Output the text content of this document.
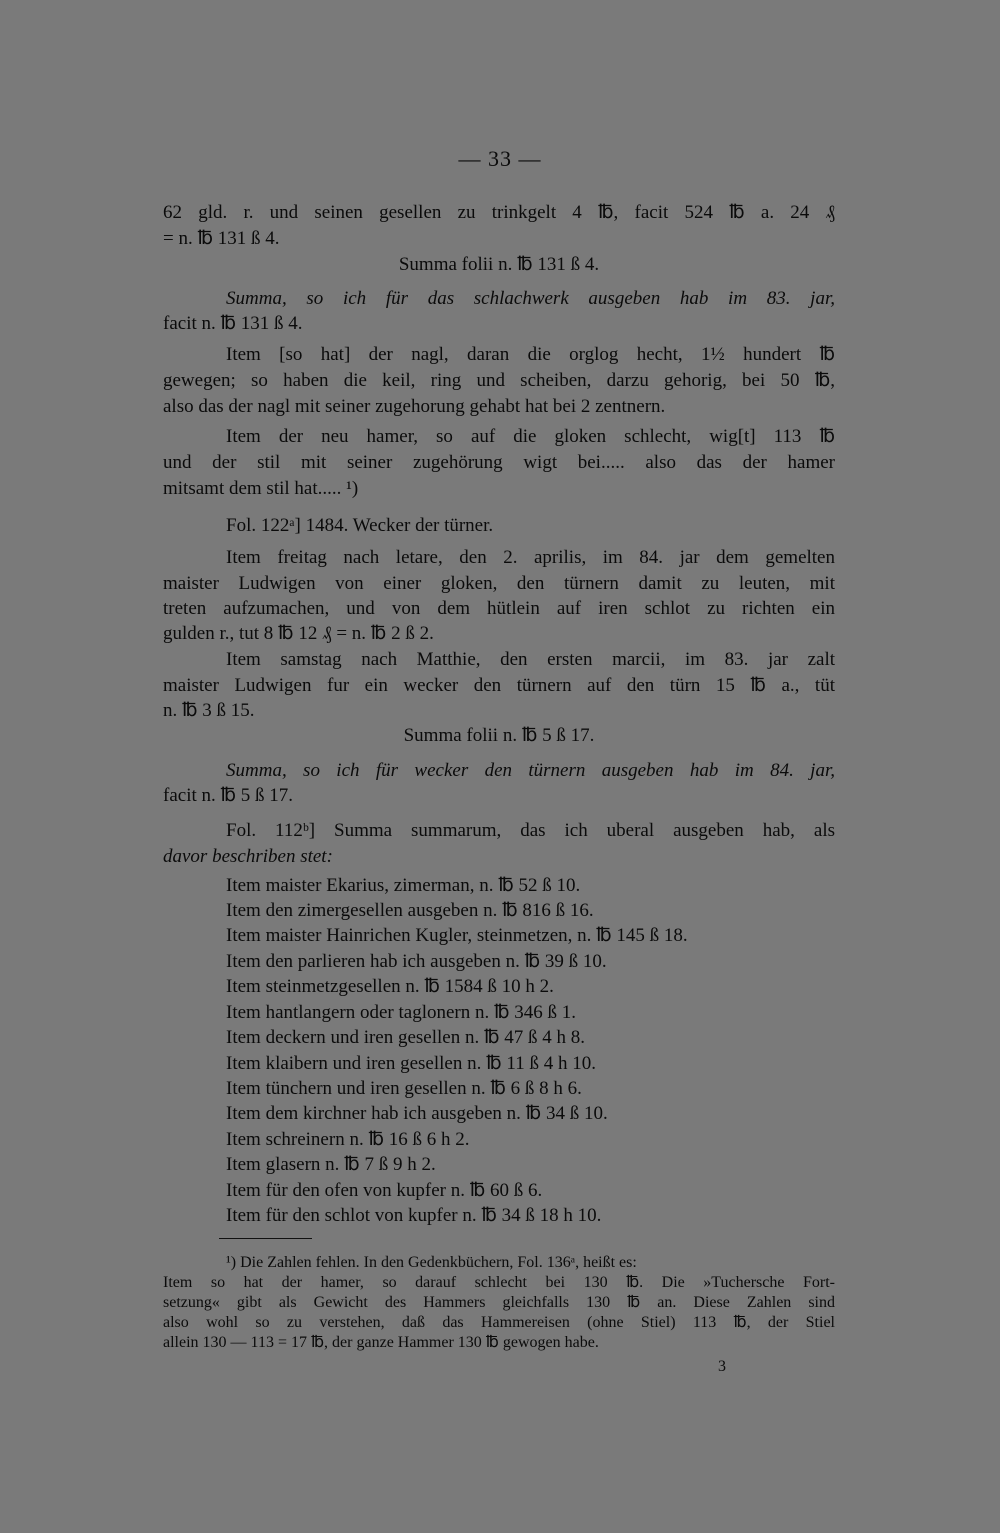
— 33 —
62 gld. r. und seinen gesellen zu trinkgelt 4 ℔, facit 524 ℔ a. 24 ₰
= n. ℔ 131 ß 4.
Summa folii n. ℔ 131 ß 4.
Summa, so ich für das schlachwerk ausgeben hab im 83. jar,
facit n. ℔ 131 ß 4.
Item [so hat] der nagl, daran die orglog hecht, 1½ hundert ℔
gewegen; so haben die keil, ring und scheiben, darzu gehorig, bei 50 ℔,
also das der nagl mit seiner zugehorung gehabt hat bei 2 zentnern.
Item der neu hamer, so auf die gloken schlecht, wig[t] 113 ℔
und der stil mit seiner zugehörung wigt bei..... also das der hamer
mitsamt dem stil hat..... ¹)
Fol. 122ᵃ] 1484. Wecker der türner.
Item freitag nach letare, den 2. aprilis, im 84. jar dem gemelten
maister Ludwigen von einer gloken, den türnern damit zu leuten, mit
treten aufzumachen, und von dem hütlein auf iren schlot zu richten ein
gulden r., tut 8 ℔ 12 ₰ = n. ℔ 2 ß 2.
Item samstag nach Matthie, den ersten marcii, im 83. jar zalt
maister Ludwigen fur ein wecker den türnern auf den türn 15 ℔ a., tüt
n. ℔ 3 ß 15.
Summa folii n. ℔ 5 ß 17.
Summa, so ich für wecker den türnern ausgeben hab im 84. jar,
facit n. ℔ 5 ß 17.
Fol. 112ᵇ] Summa summarum, das ich uberal ausgeben hab, als
davor beschriben stet:
Item maister Ekarius, zimerman, n. ℔ 52 ß 10.
Item den zimergesellen ausgeben n. ℔ 816 ß 16.
Item maister Hainrichen Kugler, steinmetzen, n. ℔ 145 ß 18.
Item den parlieren hab ich ausgeben n. ℔ 39 ß 10.
Item steinmetzgesellen n. ℔ 1584 ß 10 h 2.
Item hantlangern oder taglonern n. ℔ 346 ß 1.
Item deckern und iren gesellen n. ℔ 47 ß 4 h 8.
Item klaibern und iren gesellen n. ℔ 11 ß 4 h 10.
Item tünchern und iren gesellen n. ℔ 6 ß 8 h 6.
Item dem kirchner hab ich ausgeben n. ℔ 34 ß 10.
Item schreinern n. ℔ 16 ß 6 h 2.
Item glasern n. ℔ 7 ß 9 h 2.
Item für den ofen von kupfer n. ℔ 60 ß 6.
Item für den schlot von kupfer n. ℔ 34 ß 18 h 10.
¹) Die Zahlen fehlen. In den Gedenkbüchern, Fol. 136ᵃ, heißt es:
Item so hat der hamer, so darauf schlecht bei 130 ℔. Die »Tuchersche Fort-
setzung« gibt als Gewicht des Hammers gleichfalls 130 ℔ an. Diese Zahlen sind
also wohl so zu verstehen, daß das Hammereisen (ohne Stiel) 113 ℔, der Stiel
allein 130 — 113 = 17 ℔, der ganze Hammer 130 ℔ gewogen habe.
3
